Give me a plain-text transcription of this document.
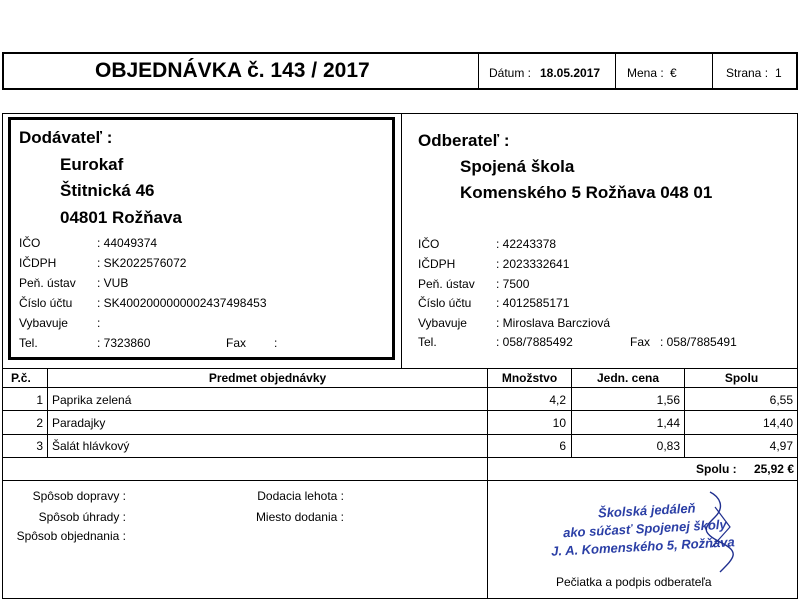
OBJEDNÁVKA č. 143 / 2017	Dátum : 18.05.2017 Mena : €	Strana : 1
Dodávateľ :
Eurokaf
Štitnická 46
04801 Rožňava
IČO	: 44049374
IČDPH	: SK2022576072
Peň. ústav : VUB
Číslo účtu : SK4002000000002437498453
Vybavuje :
Tel.	: 7323860	Fax :
Odberateľ :
Spojená škola
Komenského 5 Rožňava 048 01
IČO	: 42243378
IČDPH	: 2023332641
Peň. ústav : 7500
Číslo účtu : 4012585171
Vybavuje : Miroslava Barcziová
Tel.	: 058/7885492	Fax : 058/7885491
P.č.	Predmet objednávky	Množstvo	Jedn. cena	Spolu
1 Paprika zelená	4,2	1,56	6,55
2 Paradajky	10	1,44	14,40
3 Šalát hlávkový	6	0,83	4,97
Spolu :	25,92 €
Spôsob dopravy :
Spôsob úhrady :
Spôsob objednania :
Dodacia lehota :
Miesto dodania :	Školská jedáleň
ako súčasť Spojenej školy
J. A. Komenského 5, Rožňava
Pečiatka a podpis odberateľa
